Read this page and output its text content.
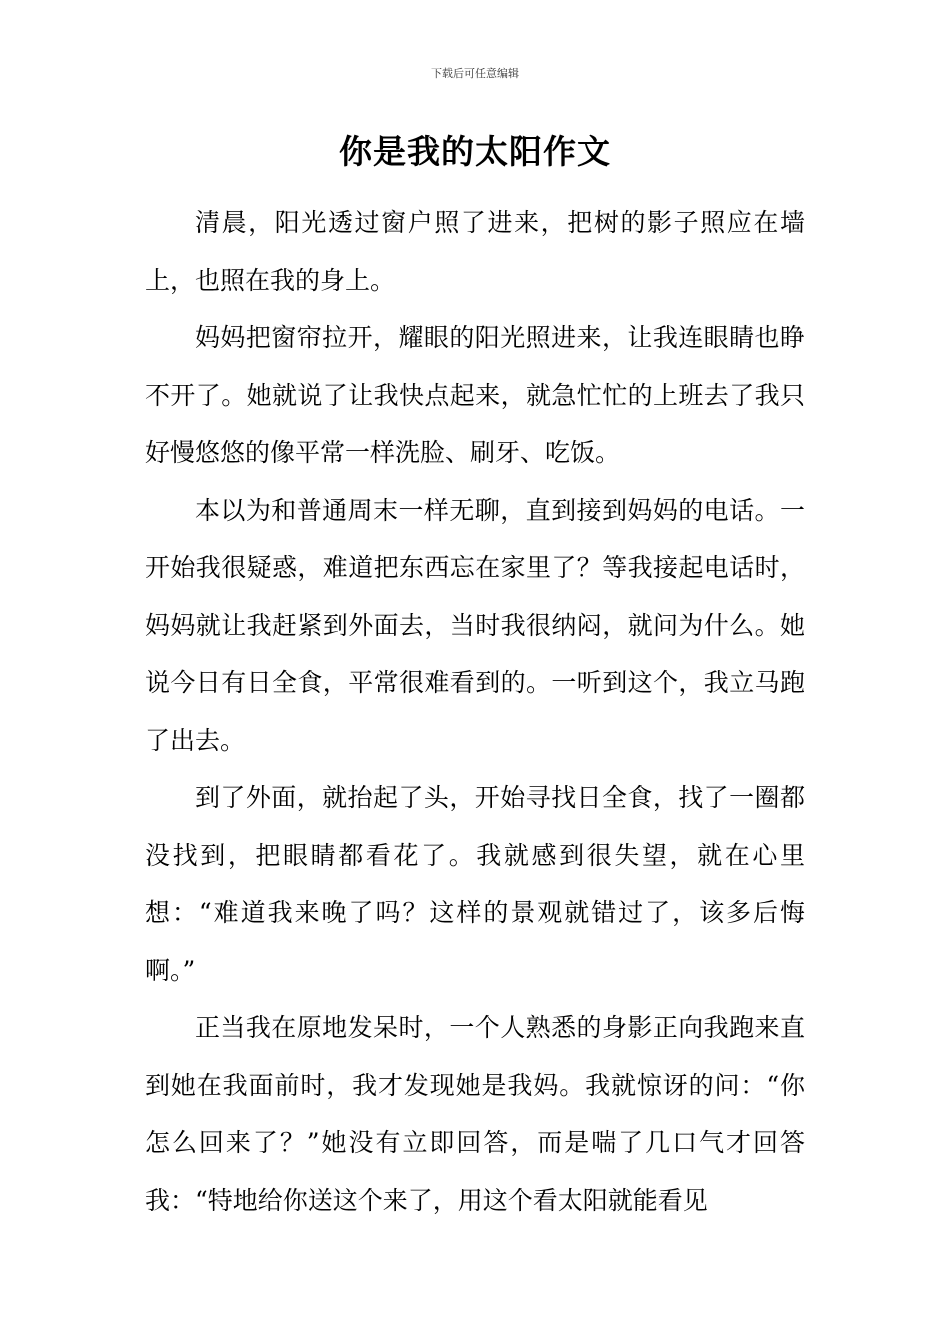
下载后可任意编辑
你是我的太阳作文

清晨，阳光透过窗户照了进来，把树的影子照应在墙上，也照在我的身上。

妈妈把窗帘拉开，耀眼的阳光照进来，让我连眼睛也睁不开了。她就说了让我快点起来，就急忙忙的上班去了我只好慢悠悠的像平常一样洗脸、刷牙、吃饭。

本以为和普通周末一样无聊，直到接到妈妈的电话。一开始我很疑惑，难道把东西忘在家里了？等我接起电话时，妈妈就让我赶紧到外面去，当时我很纳闷，就问为什么。她说今日有日全食，平常很难看到的。一听到这个，我立马跑了出去。

到了外面，就抬起了头，开始寻找日全食，找了一圈都没找到，把眼睛都看花了。我就感到很失望，就在心里想：“难道我来晚了吗？这样的景观就错过了，该多后悔啊。”

正当我在原地发呆时，一个人熟悉的身影正向我跑来直到她在我面前时，我才发现她是我妈。我就惊讶的问：“你怎么回来了？”她没有立即回答，而是喘了几口气才回答我：“特地给你送这个来了，用这个看太阳就能看见
